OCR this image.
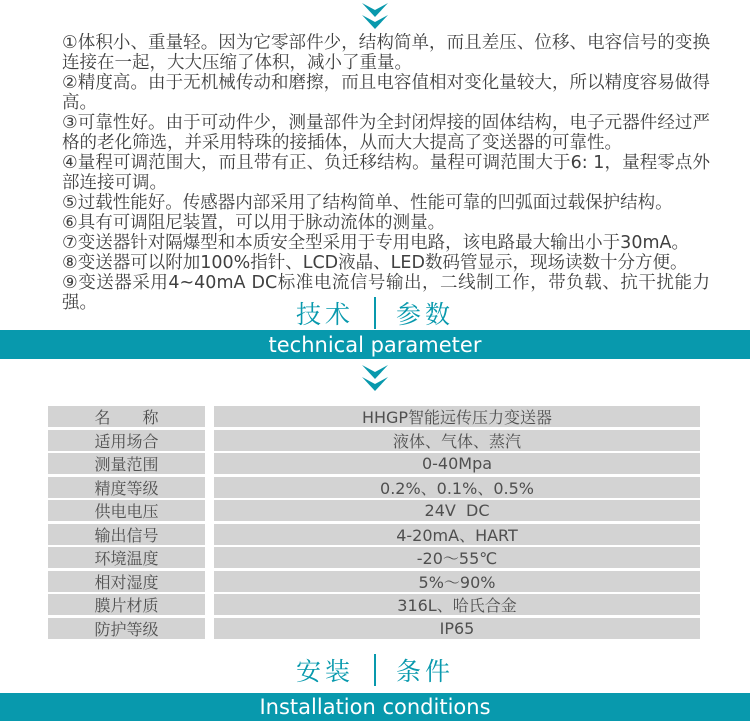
①体积小、重量轻。因为它零部件少，结构简单，而且差压、位移、电容信号的变换连接在一起，大大压缩了体积，减小了重量。
②精度高。由于无机械传动和磨擦，而且电容值相对变化量较大，所以精度容易做得高。
③可靠性好。由于可动件少，测量部件为全封闭焊接的固体结构，电子元器件经过严格的老化筛选，并采用特珠的接插体，从而大大提高了变送器的可靠性。
④量程可调范围大，而且带有正、负迁移结构。量程可调范围大于6: 1，量程零点外部连接可调。
⑤过载性能好。传感器内部采用了结构简单、性能可靠的凹弧面过载保护结构。
⑥具有可调阻尼装置，可以用于脉动流体的测量。
⑦变送器针对隔爆型和本质安全型采用于专用电路，该电路最大输出小于30mA。
⑧变送器可以附加100%指针、LCD液晶、LED数码管显示，现场读数十分方便。
⑨变送器采用4~40mA DC标准电流信号输出，二线制工作，带负载、抗干扰能力强。	技术 参数
technical parameter
名　　称	HHGP智能远传压力变送器
适用场合	液体、气体、蒸汽
测量范围	0-40Mpa
精度等级	0.2%、0.1%、0.5%
供电电压	24V  DC
输出信号	4-20mA、HART
环境温度	-20～55℃
相对湿度	5%～90%
膜片材质	316L、哈氏合金
防护等级	IP65
安装 条件
Installation conditions
